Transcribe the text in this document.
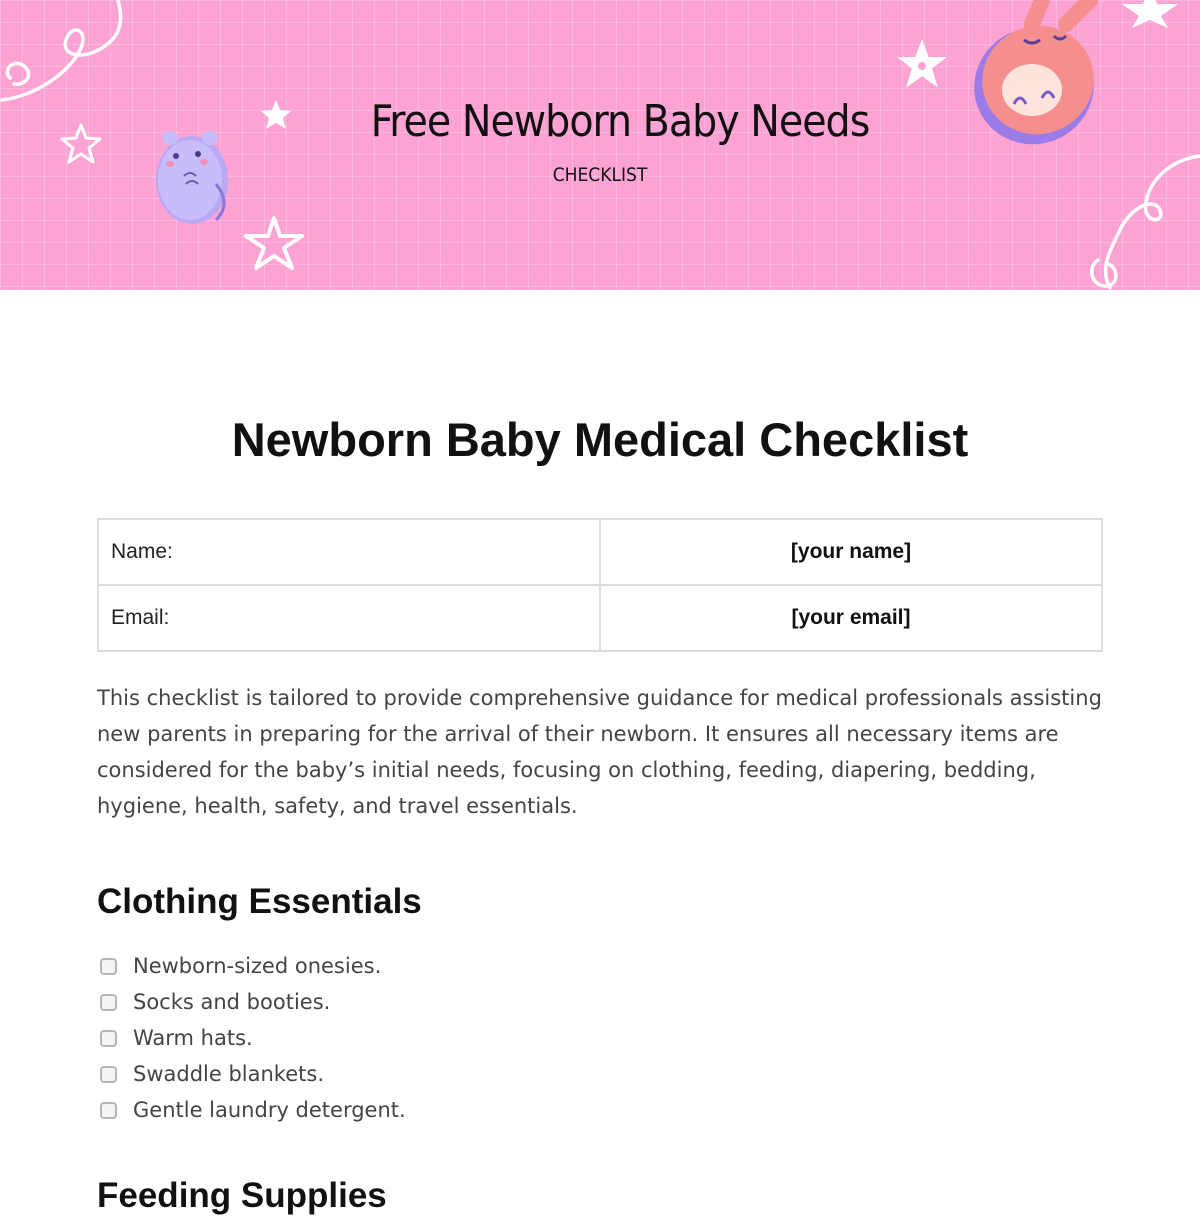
Free Newborn Baby Needs
CHECKLIST
Newborn Baby Medical Checklist
Name:	[your name]
Email:	[your email]
This checklist is tailored to provide comprehensive guidance for medical professionals assisting new parents in preparing for the arrival of their newborn. It ensures all necessary items are considered for the baby’s initial needs, focusing on clothing, feeding, diapering, bedding, hygiene, health, safety, and travel essentials.
Clothing Essentials
Newborn-sized onesies.
Socks and booties.
Warm hats.
Swaddle blankets.
Gentle laundry detergent.
Feeding Supplies
